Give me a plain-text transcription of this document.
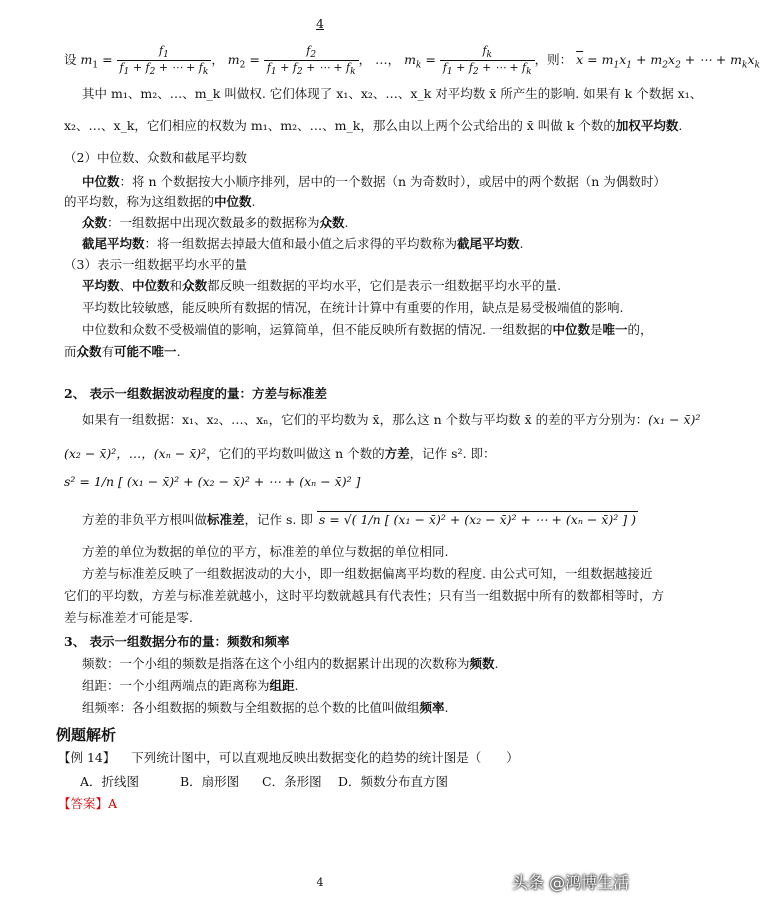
4
设 $m_1 = \frac{f_1}{f_1 + f_2 + \cdots + f_k}$ ， $m_2 = \frac{f_2}{f_1 + f_2 + \cdots + f_k}$ ， …， $m_k = \frac{f_k}{f_1 + f_2 + \cdots + f_k}$ ，则： $\overline{x} = m_1x_1 + m_2x_2$ + ⋯ + $m_kx_k$
其中 m₁、m₂、…、m_k 叫做权. 它们体现了 x₁、x₂、…、x_k 对平均数 x̄ 所产生的影响. 如果有 k 个数据 x₁、
x₂、…、x_k，它们相应的权数为 m₁、m₂、…、m_k，那么由以上两个公式给出的 x̄ 叫做 k 个数的加权平均数.
（2）中位数、众数和截尾平均数
中位数：将 n 个数据按大小顺序排列，居中的一个数据（n 为奇数时），或居中的两个数据（n 为偶数时）
的平均数，称为这组数据的中位数.
众数：一组数据中出现次数最多的数据称为众数.
截尾平均数：将一组数据去掉最大值和最小值之后求得的平均数称为截尾平均数.
（3）表示一组数据平均水平的量
平均数、中位数和众数都反映一组数据的平均水平，它们是表示一组数据平均水平的量.
平均数比较敏感，能反映所有数据的情况，在统计计算中有重要的作用，缺点是易受极端值的影响.
中位数和众数不受极端值的影响，运算简单，但不能反映所有数据的情况. 一组数据的中位数是唯一的，
而众数有可能不唯一.
2、 表示一组数据波动程度的量：方差与标准差
如果有一组数据：x₁、x₂、…、xₙ，它们的平均数为 x̄，那么这 n 个数与平均数 x̄ 的差的平方分别为：(x₁ − x̄)²
(x₂ − x̄)²，…，(xₙ − x̄)²，它们的平均数叫做这 n 个数的方差，记作 s². 即：
s² = 1/n [ (x₁ − x̄)² + (x₂ − x̄)² + ⋯ + (xₙ − x̄)² ]
方差的非负平方根叫做标准差，记作 s. 即 s = √( 1/n [ (x₁ − x̄)² + (x₂ − x̄)² + ⋯ + (xₙ − x̄)² ] )
方差的单位为数据的单位的平方，标准差的单位与数据的单位相同.
方差与标准差反映了一组数据波动的大小，即一组数据偏离平均数的程度. 由公式可知，一组数据越接近
它们的平均数，方差与标准差就越小，这时平均数就越具有代表性；只有当一组数据中所有的数都相等时，方
差与标准差才可能是零.
3、 表示一组数据分布的量：频数和频率
频数：一个小组的频数是指落在这个小组内的数据累计出现的次数称为频数.
组距：一个小组两端点的距离称为组距.
组频率：各小组数据的频数与全组数据的总个数的比值叫做组频率.
例题解析
【例 14】 下列统计图中，可以直观地反映出数据变化的趋势的统计图是（　　）
A．折线图	B．扇形图 C．条形图 D．频数分布直方图
【答案】A
4	头条 @鸿博生活
